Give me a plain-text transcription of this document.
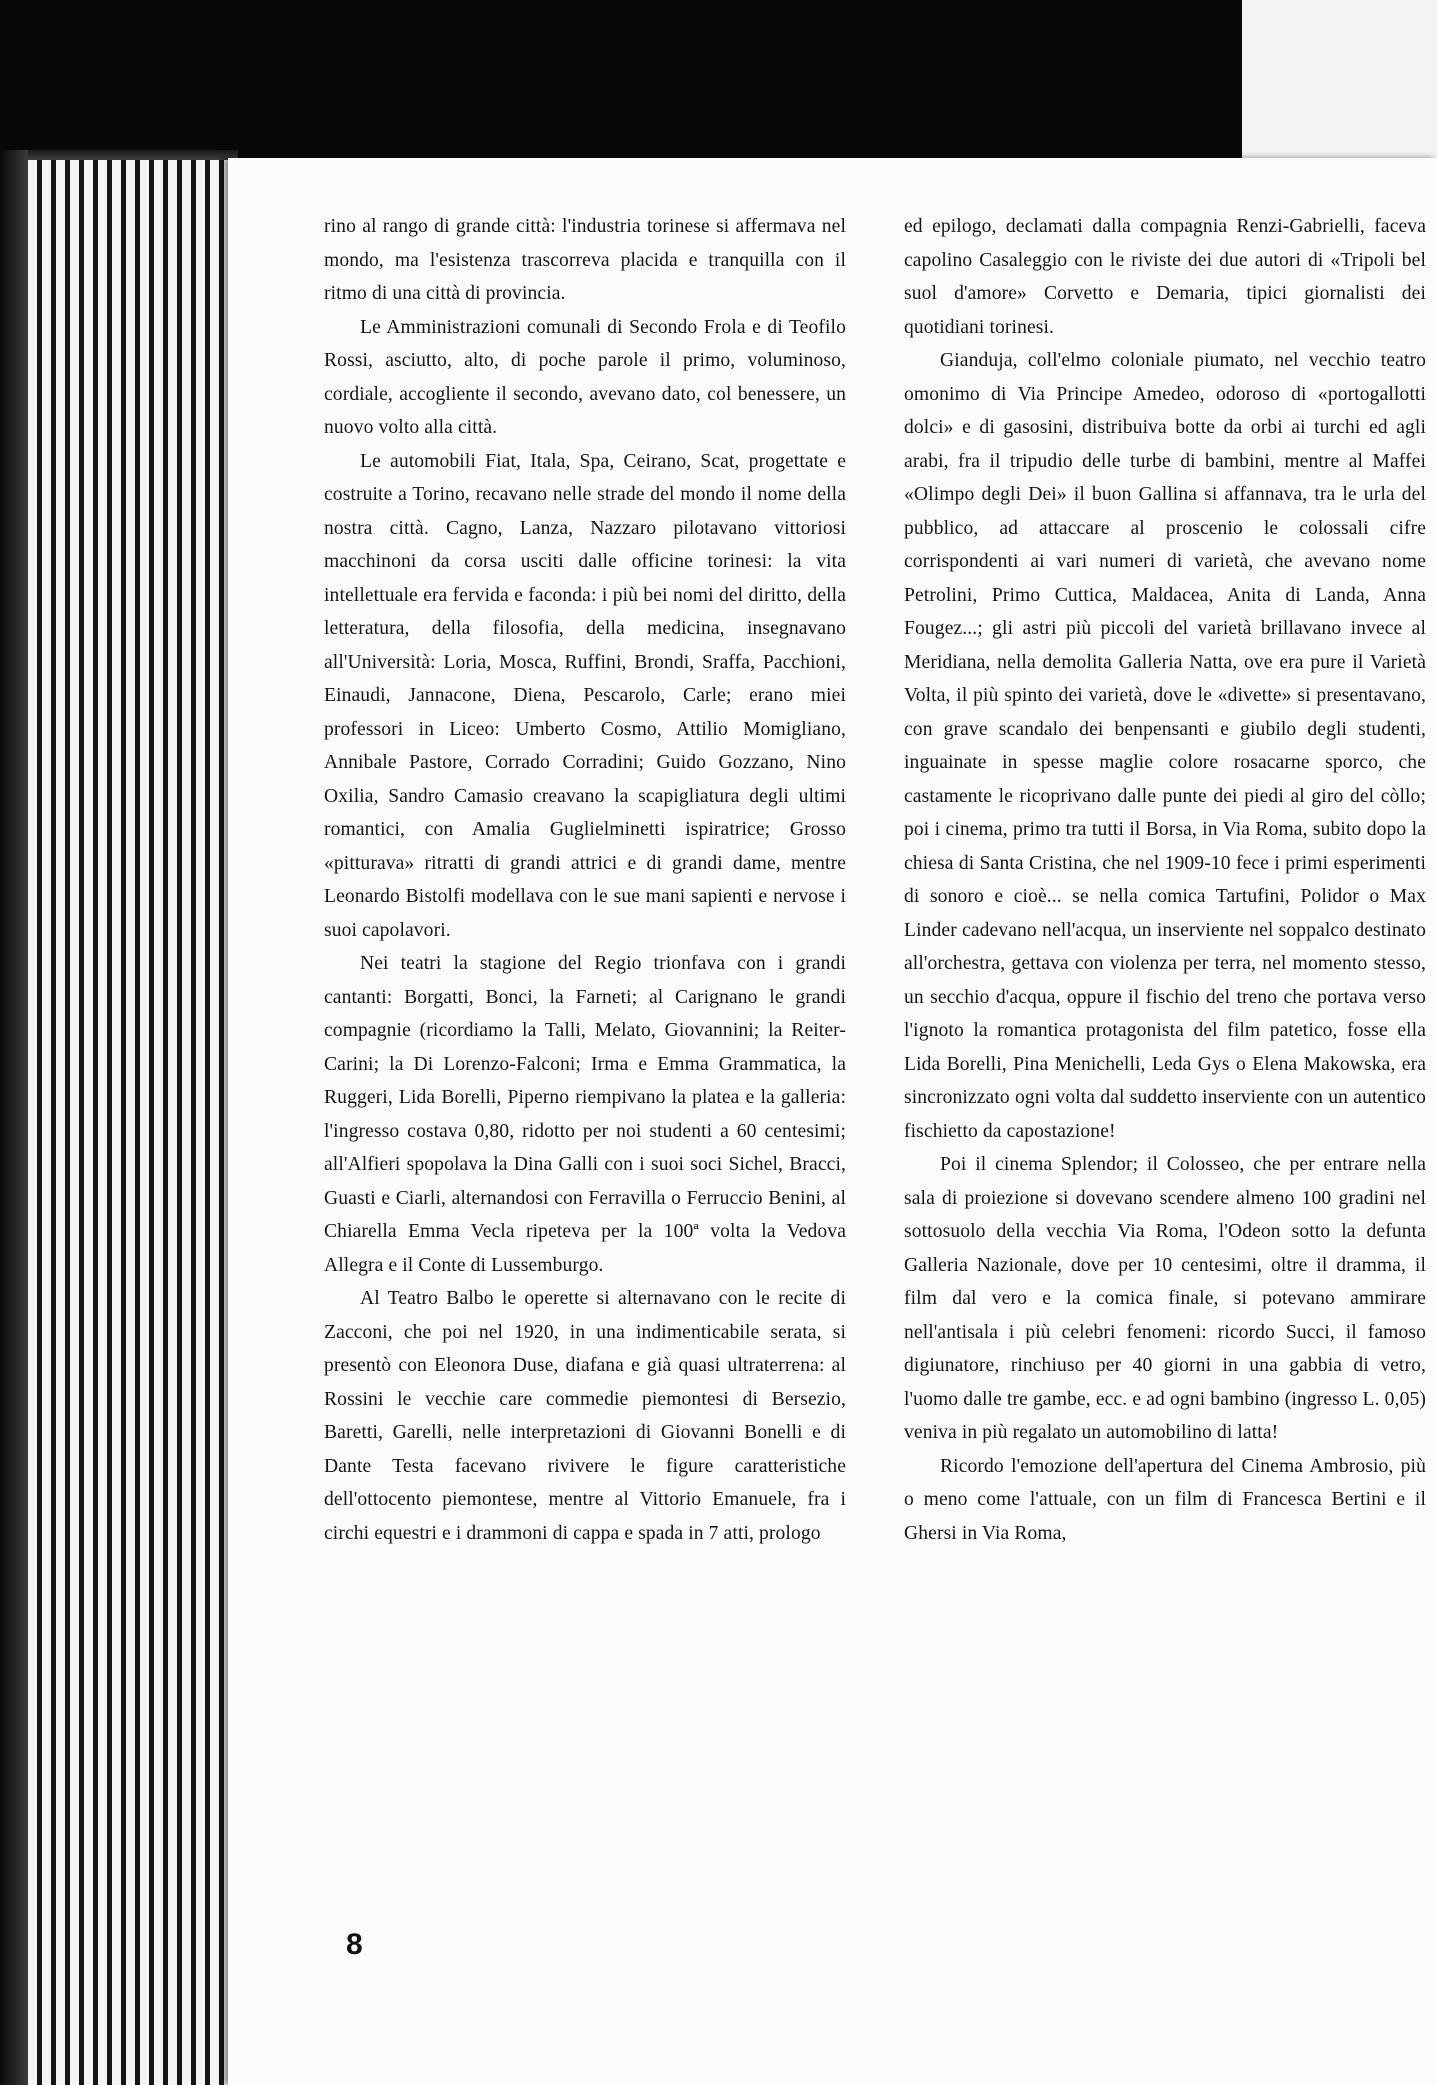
rino al rango di grande città: l'industria torinese si affermava nel mondo, ma l'esistenza trascorreva placida e tranquilla con il ritmo di una città di provincia.

Le Amministrazioni comunali di Secondo Frola e di Teofilo Rossi, asciutto, alto, di poche parole il primo, voluminoso, cordiale, accogliente il secondo, avevano dato, col benessere, un nuovo volto alla città.

Le automobili Fiat, Itala, Spa, Ceirano, Scat, progettate e costruite a Torino, recavano nelle strade del mondo il nome della nostra città. Cagno, Lanza, Nazzaro pilotavano vittoriosi macchinoni da corsa usciti dalle officine torinesi: la vita intellettuale era fervida e faconda: i più bei nomi del diritto, della letteratura, della filosofia, della medicina, insegnavano all'Università: Loria, Mosca, Ruffini, Brondi, Sraffa, Pacchioni, Einaudi, Jannacone, Diena, Pescarolo, Carle; erano miei professori in Liceo: Umberto Cosmo, Attilio Momigliano, Annibale Pastore, Corrado Corradini; Guido Gozzano, Nino Oxilia, Sandro Camasio creavano la scapigliatura degli ultimi romantici, con Amalia Guglielminetti ispiratrice; Grosso «pitturava» ritratti di grandi attrici e di grandi dame, mentre Leonardo Bistolfi modellava con le sue mani sapienti e nervose i suoi capolavori.

Nei teatri la stagione del Regio trionfava con i grandi cantanti: Borgatti, Bonci, la Farneti; al Carignano le grandi compagnie (ricordiamo la Talli, Melato, Giovannini; la Reiter-Carini; la Di Lorenzo-Falconi; Irma e Emma Grammatica, la Ruggeri, Lida Borelli, Piperno riempivano la platea e la galleria: l'ingresso costava 0,80, ridotto per noi studenti a 60 centesimi; all'Alfieri spopolava la Dina Galli con i suoi soci Sichel, Bracci, Guasti e Ciarli, alternandosi con Ferravilla o Ferruccio Benini, al Chiarella Emma Vecla ripeteva per la 100ª volta la Vedova Allegra e il Conte di Lussemburgo.

Al Teatro Balbo le operette si alternavano con le recite di Zacconi, che poi nel 1920, in una indimenticabile serata, si presentò con Eleonora Duse, diafana e già quasi ultraterrena: al Rossini le vecchie care commedie piemontesi di Bersezio, Baretti, Garelli, nelle interpretazioni di Giovanni Bonelli e di Dante Testa facevano rivivere le figure caratteristiche dell'ottocento piemontese, mentre al Vittorio Emanuele, fra i circhi equestri e i drammoni di cappa e spada in 7 atti, prologo

ed epilogo, declamati dalla compagnia Renzi-Gabrielli, faceva capolino Casaleggio con le riviste dei due autori di «Tripoli bel suol d'amore» Corvetto e Demaria, tipici giornalisti dei quotidiani torinesi.

Gianduja, coll'elmo coloniale piumato, nel vecchio teatro omonimo di Via Principe Amedeo, odoroso di «portogallotti dolci» e di gasosini, distribuiva botte da orbi ai turchi ed agli arabi, fra il tripudio delle turbe di bambini, mentre al Maffei «Olimpo degli Dei» il buon Gallina si affannava, tra le urla del pubblico, ad attaccare al proscenio le colossali cifre corrispondenti ai vari numeri di varietà, che avevano nome Petrolini, Primo Cuttica, Maldacea, Anita di Landa, Anna Fougez...; gli astri più piccoli del varietà brillavano invece al Meridiana, nella demolita Galleria Natta, ove era pure il Varietà Volta, il più spinto dei varietà, dove le «divette» si presentavano, con grave scandalo dei benpensanti e giubilo degli studenti, inguainate in spesse maglie colore rosacarne sporco, che castamente le ricoprivano dalle punte dei piedi al giro del còllo; poi i cinema, primo tra tutti il Borsa, in Via Roma, subito dopo la chiesa di Santa Cristina, che nel 1909-10 fece i primi esperimenti di sonoro e cioè... se nella comica Tartufini, Polidor o Max Linder cadevano nell'acqua, un inserviente nel soppalco destinato all'orchestra, gettava con violenza per terra, nel momento stesso, un secchio d'acqua, oppure il fischio del treno che portava verso l'ignoto la romantica protagonista del film patetico, fosse ella Lida Borelli, Pina Menichelli, Leda Gys o Elena Makowska, era sincronizzato ogni volta dal suddetto inserviente con un autentico fischietto da capostazione!

Poi il cinema Splendor; il Colosseo, che per entrare nella sala di proiezione si dovevano scendere almeno 100 gradini nel sottosuolo della vecchia Via Roma, l'Odeon sotto la defunta Galleria Nazionale, dove per 10 centesimi, oltre il dramma, il film dal vero e la comica finale, si potevano ammirare nell'antisala i più celebri fenomeni: ricordo Succi, il famoso digiunatore, rinchiuso per 40 giorni in una gabbia di vetro, l'uomo dalle tre gambe, ecc. e ad ogni bambino (ingresso L. 0,05) veniva in più regalato un automobilino di latta!

Ricordo l'emozione dell'apertura del Cinema Ambrosio, più o meno come l'attuale, con un film di Francesca Bertini e il Ghersi in Via Roma,

8
